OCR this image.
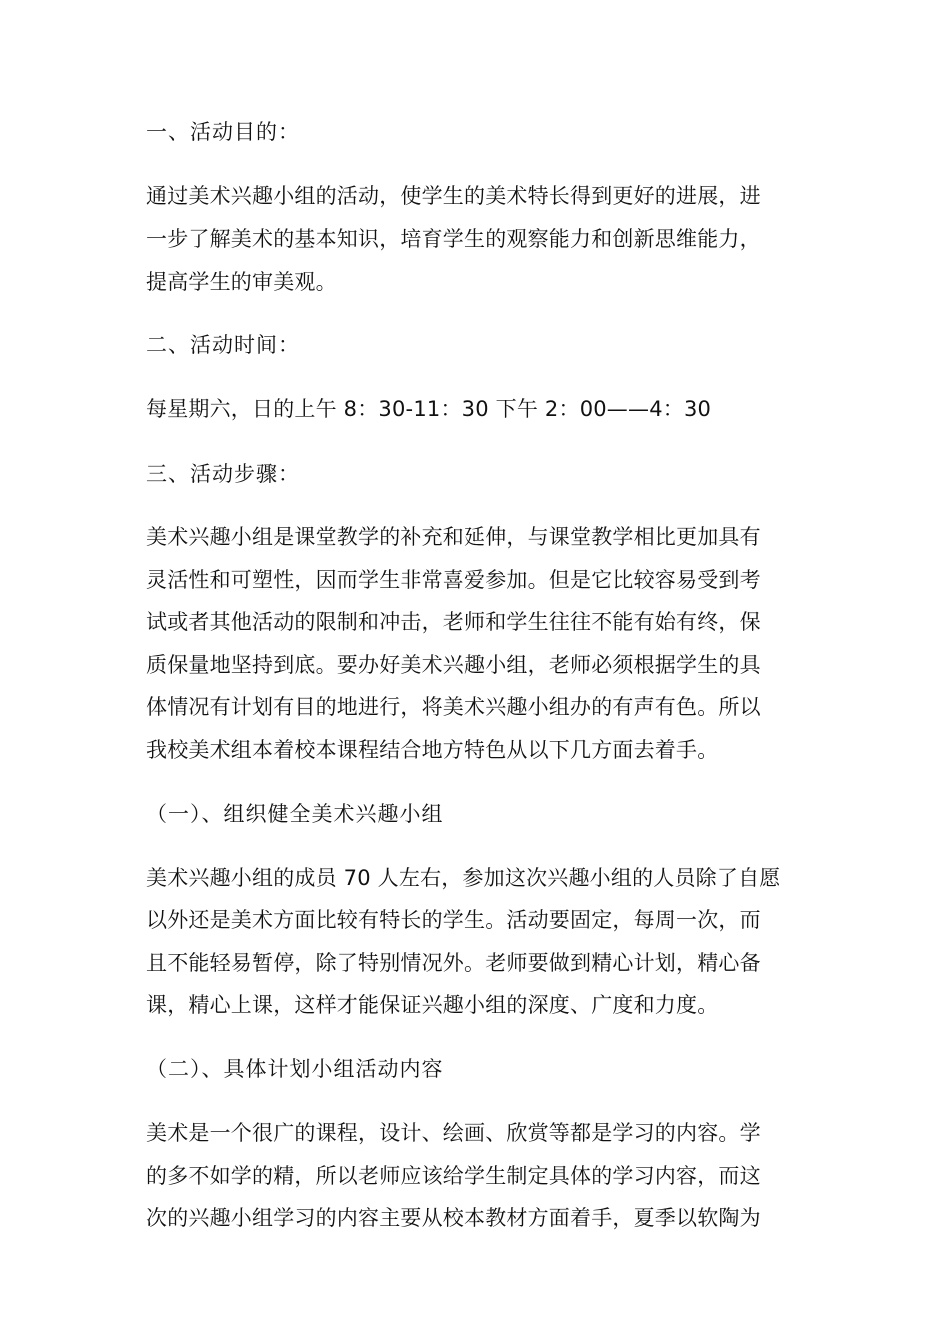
一、活动目的：
通过美术兴趣小组的活动，使学生的美术特长得到更好的进展，进
一步了解美术的基本知识，培育学生的观察能力和创新思维能力，
提高学生的审美观。
二、活动时间：
每星期六，日的上午 8：30-11：30 下午 2：00——4：30
三、活动步骤：
美术兴趣小组是课堂教学的补充和延伸，与课堂教学相比更加具有
灵活性和可塑性，因而学生非常喜爱参加。但是它比较容易受到考
试或者其他活动的限制和冲击，老师和学生往往不能有始有终，保
质保量地坚持到底。要办好美术兴趣小组，老师必须根据学生的具
体情况有计划有目的地进行，将美术兴趣小组办的有声有色。所以
我校美术组本着校本课程结合地方特色从以下几方面去着手。
（一）、组织健全美术兴趣小组
美术兴趣小组的成员 70 人左右，参加这次兴趣小组的人员除了自愿
以外还是美术方面比较有特长的学生。活动要固定，每周一次，而
且不能轻易暂停，除了特别情况外。老师要做到精心计划，精心备
课，精心上课，这样才能保证兴趣小组的深度、广度和力度。
（二）、具体计划小组活动内容
美术是一个很广的课程，设计、绘画、欣赏等都是学习的内容。学
的多不如学的精，所以老师应该给学生制定具体的学习内容，而这
次的兴趣小组学习的内容主要从校本教材方面着手，夏季以软陶为
